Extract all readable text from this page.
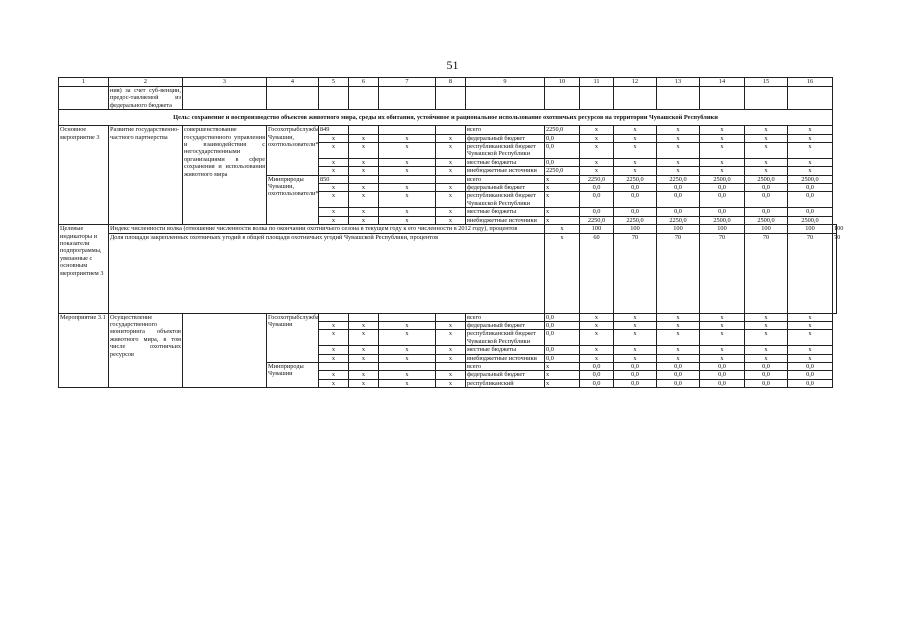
51
1	2	3	4	5	6	7	8	9	10	11	12	13	14	15	16	
	ния) за счет суб-венции, предос-тавляемой из федерального бюджета															
Цель: сохранение и воспроизводство объектов животного мира, среды их обитания, устойчивое и рациональное использование охотничьих ресурсов на территории Чувашской Республики																
Основное мероприятие 3	Развитие государственно-частного партнерства	совершенствование государственного управления и взаимодействия с негосударственными организациями в сфере сохранения и использования животного мира	Госохотрыбслужба Чувашии, охотпользователи*	849				всего	2250,0	x	x	x	x	x	x	
				x	x	x	x	федеральный бюджет	0,0	x	x	x	x	x	x	
				x	x	x	x	республиканский бюджет Чувашской Республики	0,0	x	x	x	x	x	x	
				x	x	x	x	местные бюджеты	0,0	x	x	x	x	x	x	
				x	x	x	x	внебюджетные источники	2250,0	x	x	x	x	x	x	
			Минприроды Чувашии, охотпользователи*	850				всего	x	2250,0	2250,0	2250,0	2500,0	2500,0	2500,0	
				x	x	x	x	федеральный бюджет	x	0,0	0,0	0,0	0,0	0,0	0,0	
				x	x	x	x	республиканский бюджет Чувашской Республики	x	0,0	0,0	0,0	0,0	0,0	0,0	
				x	x	x	x	местные бюджеты	x	0,0	0,0	0,0	0,0	0,0	0,0	
				x	x	x	x	внебюджетные источники	x	2250,0	2250,0	2250,0	2500,0	2500,0	2500,0	
Целевые индикаторы и показатели подпрограммы, увязанные с основным мероприятием 3	Индекс численности волка (отношение численности волка по окончании охотничьего сезона в текущем году к его численности в 2012 году), процентов								x	100	100	100	100	100	100	100
	Доля площади закрепленных охотничьих угодий в общей площади охотничьих угодий Чувашской Республики, процентов								x	60	70	70	70	70	70	70
Мероприятие 3.1	Осуществление государственного мониторинга объектов животного мира, в том числе охотничьих ресурсов		Госохотрыбслужба Чувашии					всего	0,0	x	x	x	x	x	x	
				x	x	x	x	федеральный бюджет	0,0	x	x	x	x	x	x	
				x	x	x	x	республиканский бюджет Чувашской Республики	0,0	x	x	x	x	x	x	
				x	x	x	x	местные бюджеты	0,0	x	x	x	x	x	x	
				x	x	x	x	внебюджетные источники	0,0	x	x	x	x	x	x	
			Минприроды Чувашии					всего	x	0,0	0,0	0,0	0,0	0,0	0,0	
				x	x	x	x	федеральный бюджет	x	0,0	0,0	0,0	0,0	0,0	0,0	
				x	x	x	x	республиканский	x	0,0	0,0	0,0	0,0	0,0	0,0	
